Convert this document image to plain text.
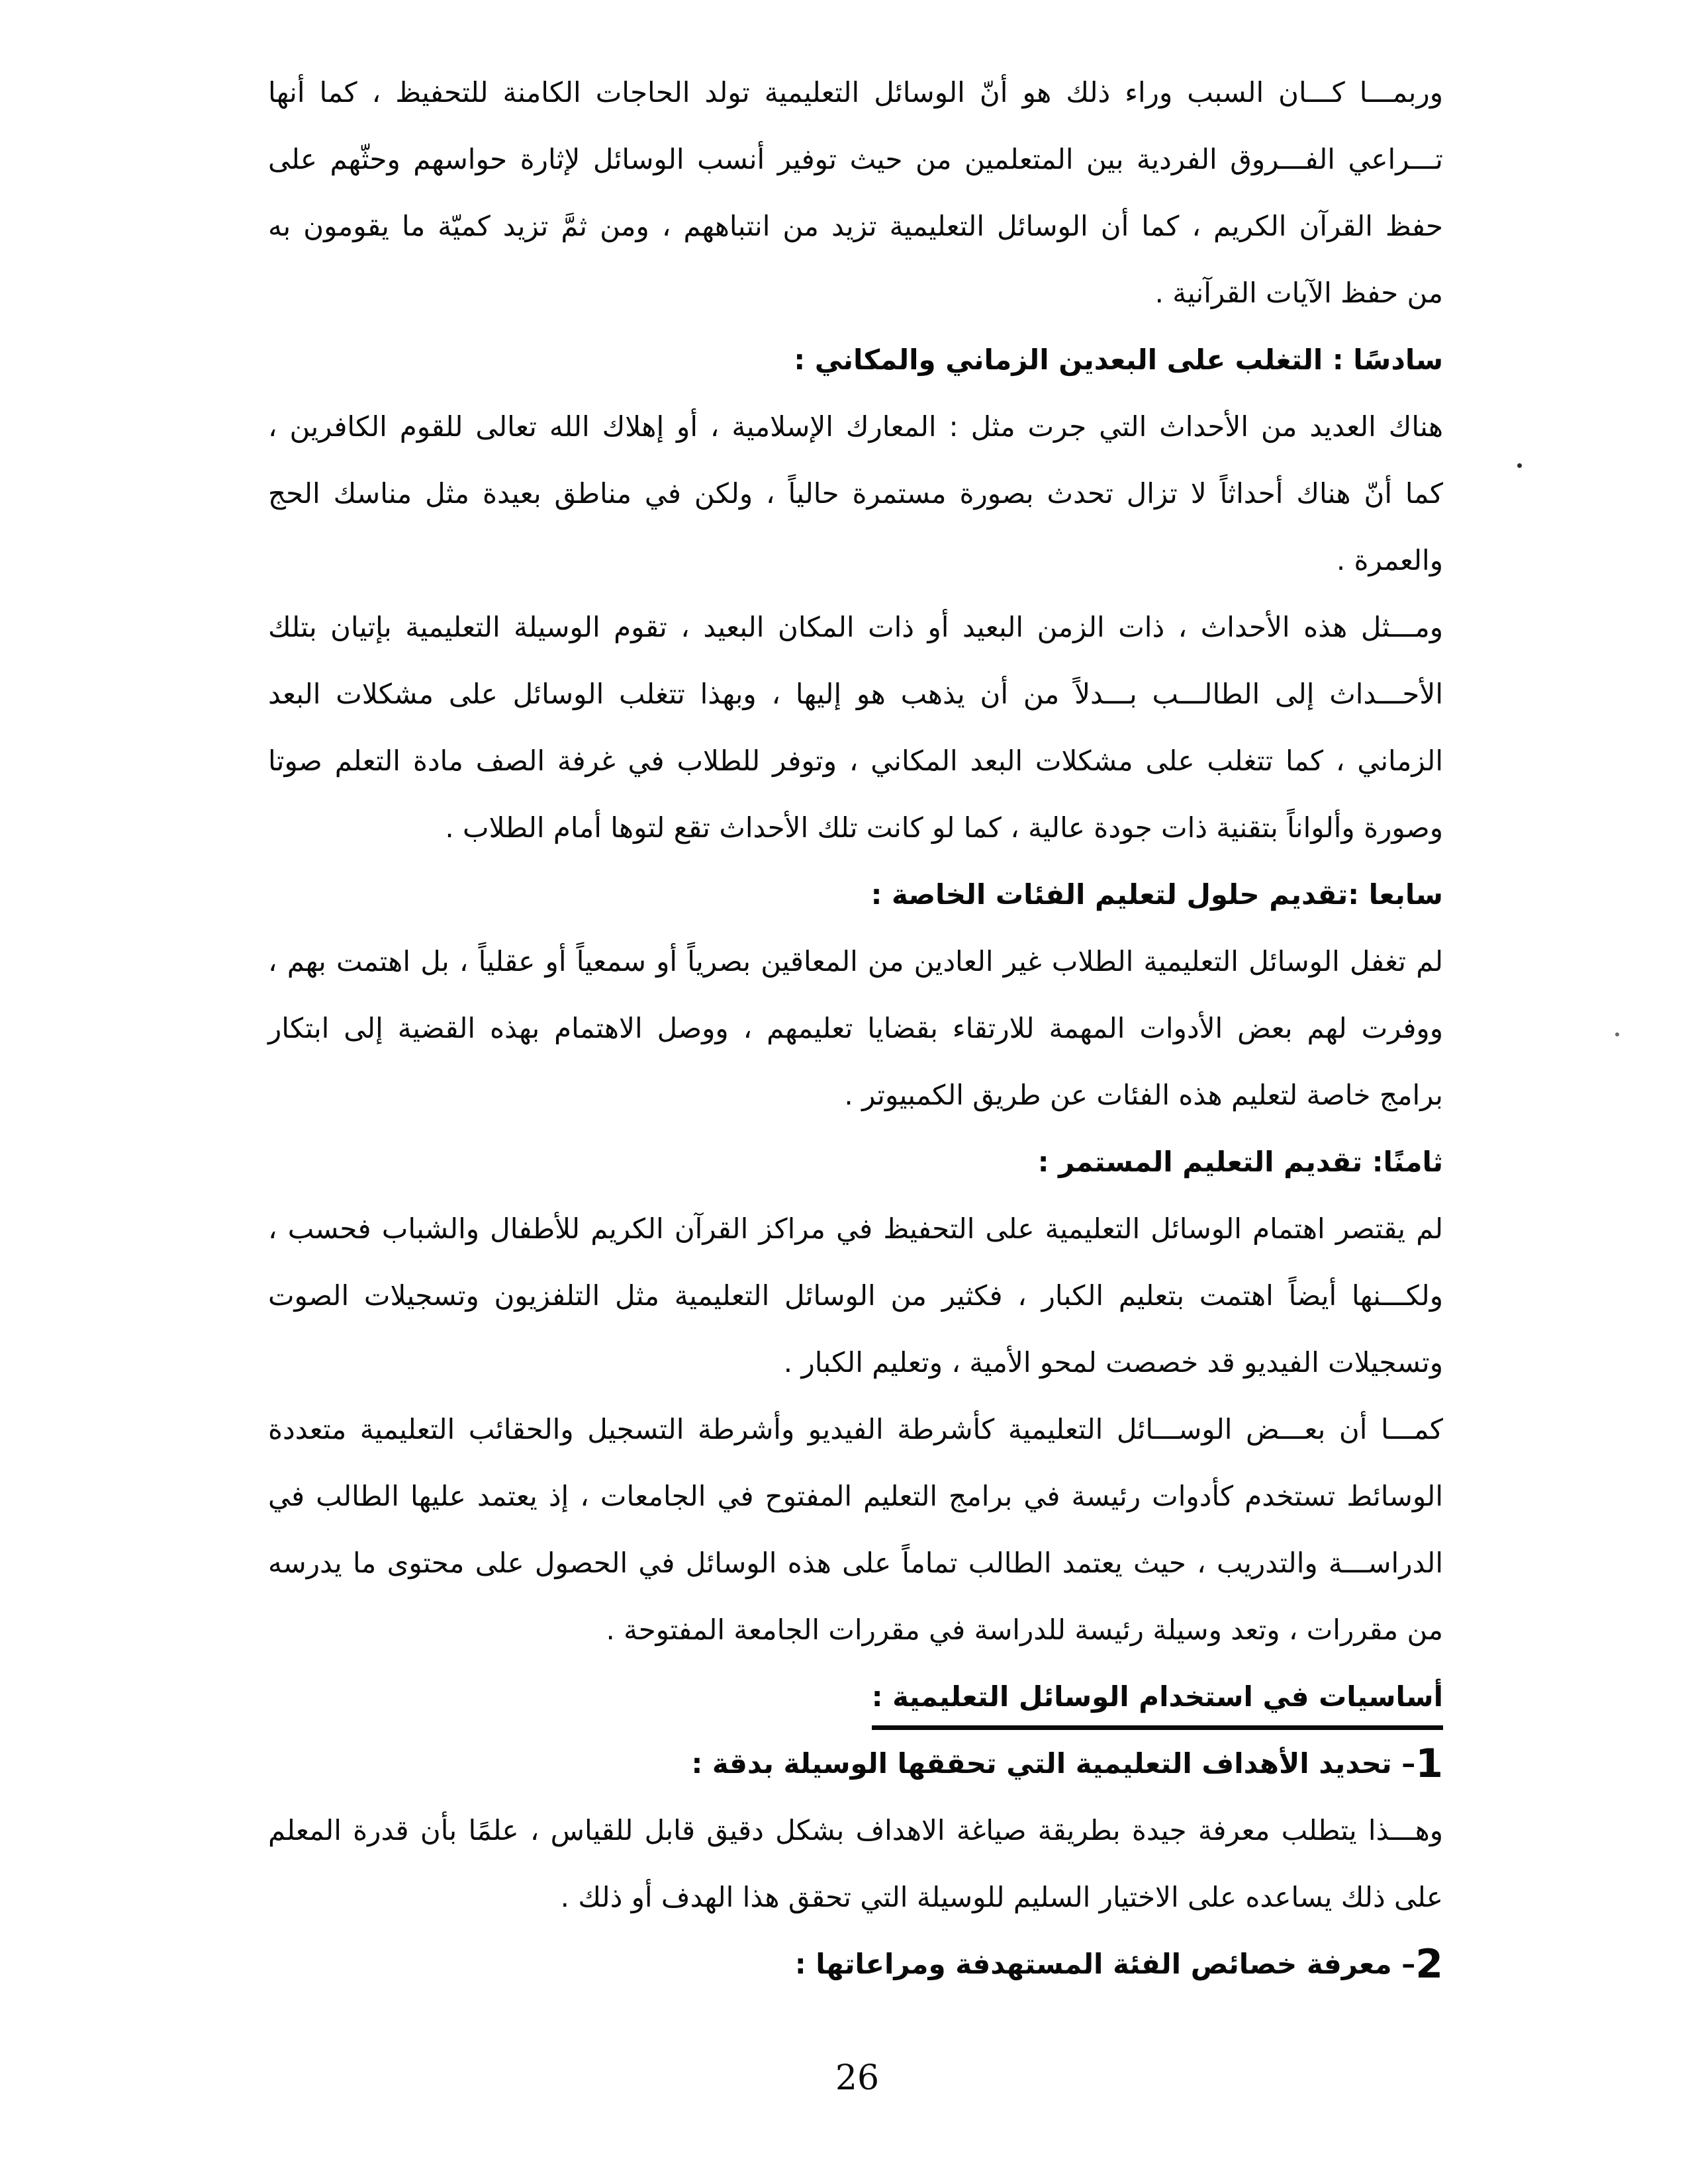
وربمـــا كـــان السبب وراء ذلك هو أنّ الوسائل التعليمية تولد الحاجات الكامنة للتحفيظ ، كما أنها
تـــراعي الفـــروق الفردية بين المتعلمين من حيث توفير أنسب الوسائل لإثارة حواسهم وحثّهم على
حفظ القرآن الكريم ، كما أن الوسائل التعليمية تزيد من انتباههم ، ومن ثمَّ تزيد كميّة ما يقومون به
من حفظ الآيات القرآنية .
سادسًا : التغلب على البعدين الزماني والمكاني :
هناك العديد من الأحداث التي جرت مثل : المعارك الإسلامية ، أو إهلاك الله تعالى للقوم الكافرين ،
كما أنّ هناك أحداثاً لا تزال تحدث بصورة مستمرة حالياً ، ولكن في مناطق بعيدة مثل مناسك الحج
والعمرة .
ومـــثل هذه الأحداث ، ذات الزمن البعيد أو ذات المكان البعيد ، تقوم الوسيلة التعليمية بإتيان بتلك
الأحـــداث إلى الطالـــب بـــدلاً من أن يذهب هو إليها ، وبهذا تتغلب الوسائل على مشكلات البعد
الزماني ، كما تتغلب على مشكلات البعد المكاني ، وتوفر للطلاب في غرفة الصف مادة التعلم صوتا
وصورة وألواناً بتقنية ذات جودة عالية ، كما لو كانت تلك الأحداث تقع لتوها أمام الطلاب .
سابعا :تقديم حلول لتعليم الفئات الخاصة :
لم تغفل الوسائل التعليمية الطلاب غير العادين من المعاقين بصرياً أو سمعياً أو عقلياً ، بل اهتمت بهم ،
ووفرت لهم بعض الأدوات المهمة للارتقاء بقضايا تعليمهم ، ووصل الاهتمام بهذه القضية إلى ابتكار
برامج خاصة لتعليم هذه الفئات عن طريق الكمبيوتر .
ثامنًا: تقديم التعليم المستمر :
لم يقتصر اهتمام الوسائل التعليمية على التحفيظ في مراكز القرآن الكريم للأطفال والشباب فحسب ،
ولكـــنها أيضاً اهتمت بتعليم الكبار ، فكثير من الوسائل التعليمية مثل التلفزيون وتسجيلات الصوت
وتسجيلات الفيديو قد خصصت لمحو الأمية ، وتعليم الكبار .
كمـــا أن بعـــض الوســـائل التعليمية كأشرطة الفيديو وأشرطة التسجيل والحقائب التعليمية متعددة
الوسائط تستخدم كأدوات رئيسة في برامج التعليم المفتوح في الجامعات ، إذ يعتمد عليها الطالب في
الدراســـة والتدريب ، حيث يعتمد الطالب تماماً على هذه الوسائل في الحصول على محتوى ما يدرسه
من مقررات ، وتعد وسيلة رئيسة للدراسة في مقررات الجامعة المفتوحة .
أساسيات في استخدام الوسائل التعليمية :
1– تحديد الأهداف التعليمية التي تحققها الوسيلة بدقة :
وهـــذا يتطلب معرفة جيدة بطريقة صياغة الاهداف بشكل دقيق قابل للقياس ، علمًا بأن قدرة المعلم
على ذلك يساعده على الاختيار السليم للوسيلة التي تحقق هذا الهدف أو ذلك .
2– معرفة خصائص الفئة المستهدفة ومراعاتها :
26
